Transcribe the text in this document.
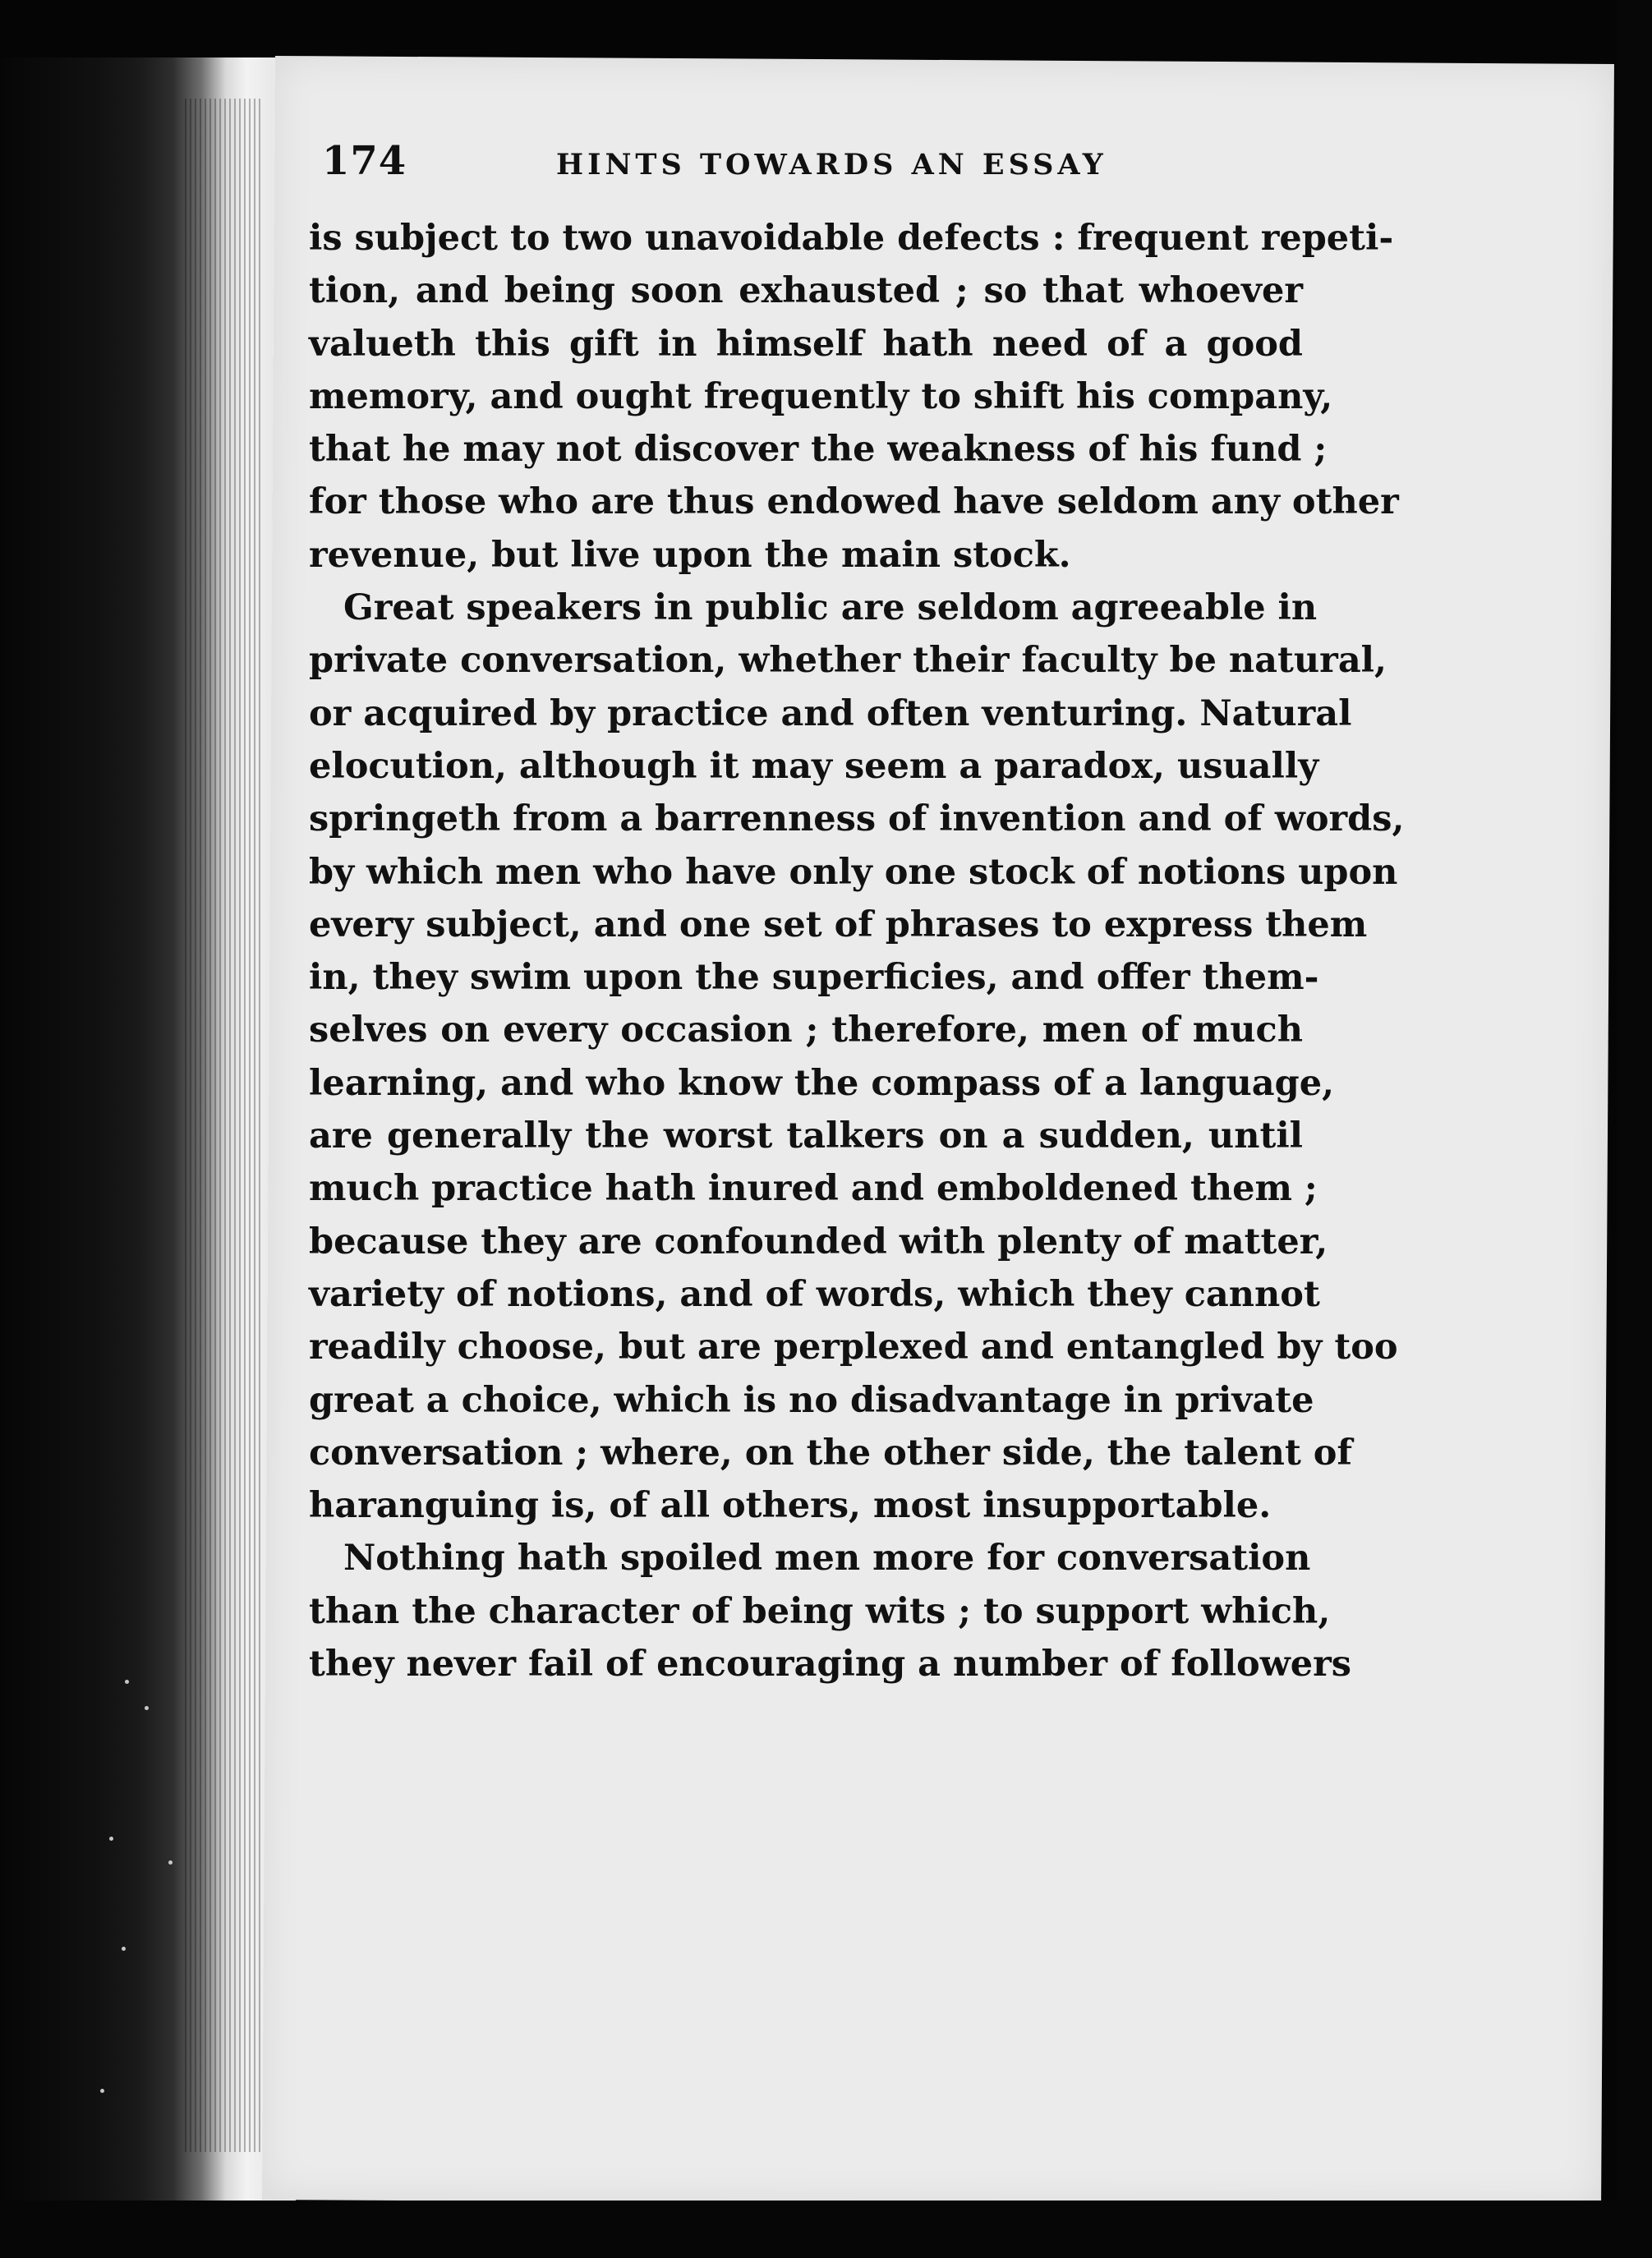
174	HINTS TOWARDS AN ESSAY
is subject to two unavoidable defects : frequent repeti-
tion, and being soon exhausted ; so that whoever
valueth this gift in himself hath need of a good
memory, and ought frequently to shift his company,
that he may not discover the weakness of his fund ;
for those who are thus endowed have seldom any other
revenue, but live upon the main stock.
Great speakers in public are seldom agreeable in
private conversation, whether their faculty be natural,
or acquired by practice and often venturing. Natural
elocution, although it may seem a paradox, usually
springeth from a barrenness of invention and of words,
by which men who have only one stock of notions upon
every subject, and one set of phrases to express them
in, they swim upon the superficies, and offer them-
selves on every occasion ; therefore, men of much
learning, and who know the compass of a language,
are generally the worst talkers on a sudden, until
much practice hath inured and emboldened them ;
because they are confounded with plenty of matter,
variety of notions, and of words, which they cannot
readily choose, but are perplexed and entangled by too
great a choice, which is no disadvantage in private
conversation ; where, on the other side, the talent of
haranguing is, of all others, most insupportable.
Nothing hath spoiled men more for conversation
than the character of being wits ; to support which,
they never fail of encouraging a number of followers
